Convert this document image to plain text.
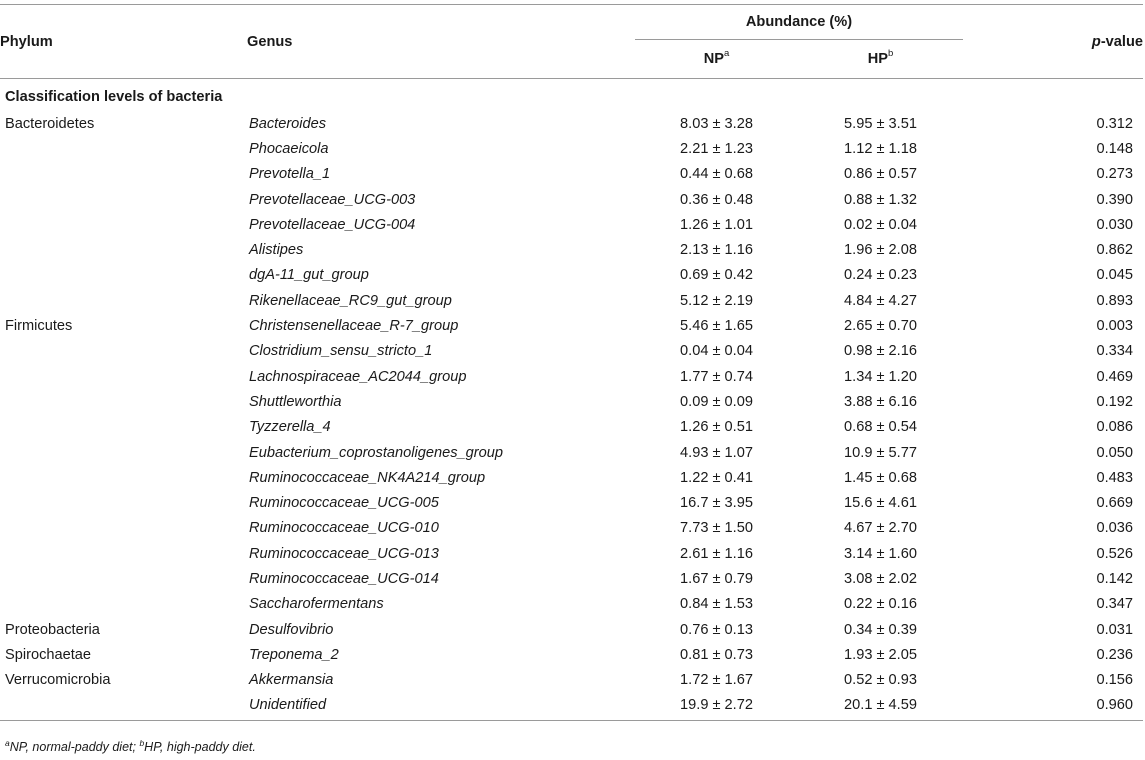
Phylum	Genus	Abundance (%)		p-value
		$NP^a$	$HP^b$
Classification levels of bacteria				
Bacteroidetes	Bacteroides	8.03 ± 3.28	5.95 ± 3.51	0.312
	Phocaeicola	2.21 ± 1.23	1.12 ± 1.18	0.148
	Prevotella_1	0.44 ± 0.68	0.86 ± 0.57	0.273
	Prevotellaceae_UCG-003	0.36 ± 0.48	0.88 ± 1.32	0.390
	Prevotellaceae_UCG-004	1.26 ± 1.01	0.02 ± 0.04	0.030
	Alistipes	2.13 ± 1.16	1.96 ± 2.08	0.862
	dgA-11_gut_group	0.69 ± 0.42	0.24 ± 0.23	0.045
	Rikenellaceae_RC9_gut_group	5.12 ± 2.19	4.84 ± 4.27	0.893
Firmicutes	Christensenellaceae_R-7_group	5.46 ± 1.65	2.65 ± 0.70	0.003
	Clostridium_sensu_stricto_1	0.04 ± 0.04	0.98 ± 2.16	0.334
	Lachnospiraceae_AC2044_group	1.77 ± 0.74	1.34 ± 1.20	0.469
	Shuttleworthia	0.09 ± 0.09	3.88 ± 6.16	0.192
	Tyzzerella_4	1.26 ± 0.51	0.68 ± 0.54	0.086
	Eubacterium_coprostanoligenes_group	4.93 ± 1.07	10.9 ± 5.77	0.050
	Ruminococcaceae_NK4A214_group	1.22 ± 0.41	1.45 ± 0.68	0.483
	Ruminococcaceae_UCG-005	16.7 ± 3.95	15.6 ± 4.61	0.669
	Ruminococcaceae_UCG-010	7.73 ± 1.50	4.67 ± 2.70	0.036
	Ruminococcaceae_UCG-013	2.61 ± 1.16	3.14 ± 1.60	0.526
	Ruminococcaceae_UCG-014	1.67 ± 0.79	3.08 ± 2.02	0.142
	Saccharofermentans	0.84 ± 1.53	0.22 ± 0.16	0.347
Proteobacteria	Desulfovibrio	0.76 ± 0.13	0.34 ± 0.39	0.031
Spirochaetae	Treponema_2	0.81 ± 0.73	1.93 ± 2.05	0.236
Verrucomicrobia	Akkermansia	1.72 ± 1.67	0.52 ± 0.93	0.156
	Unidentified	19.9 ± 2.72	20.1 ± 4.59	0.960
$^a$NP, normal-paddy diet; $^b$HP, high-paddy diet.
